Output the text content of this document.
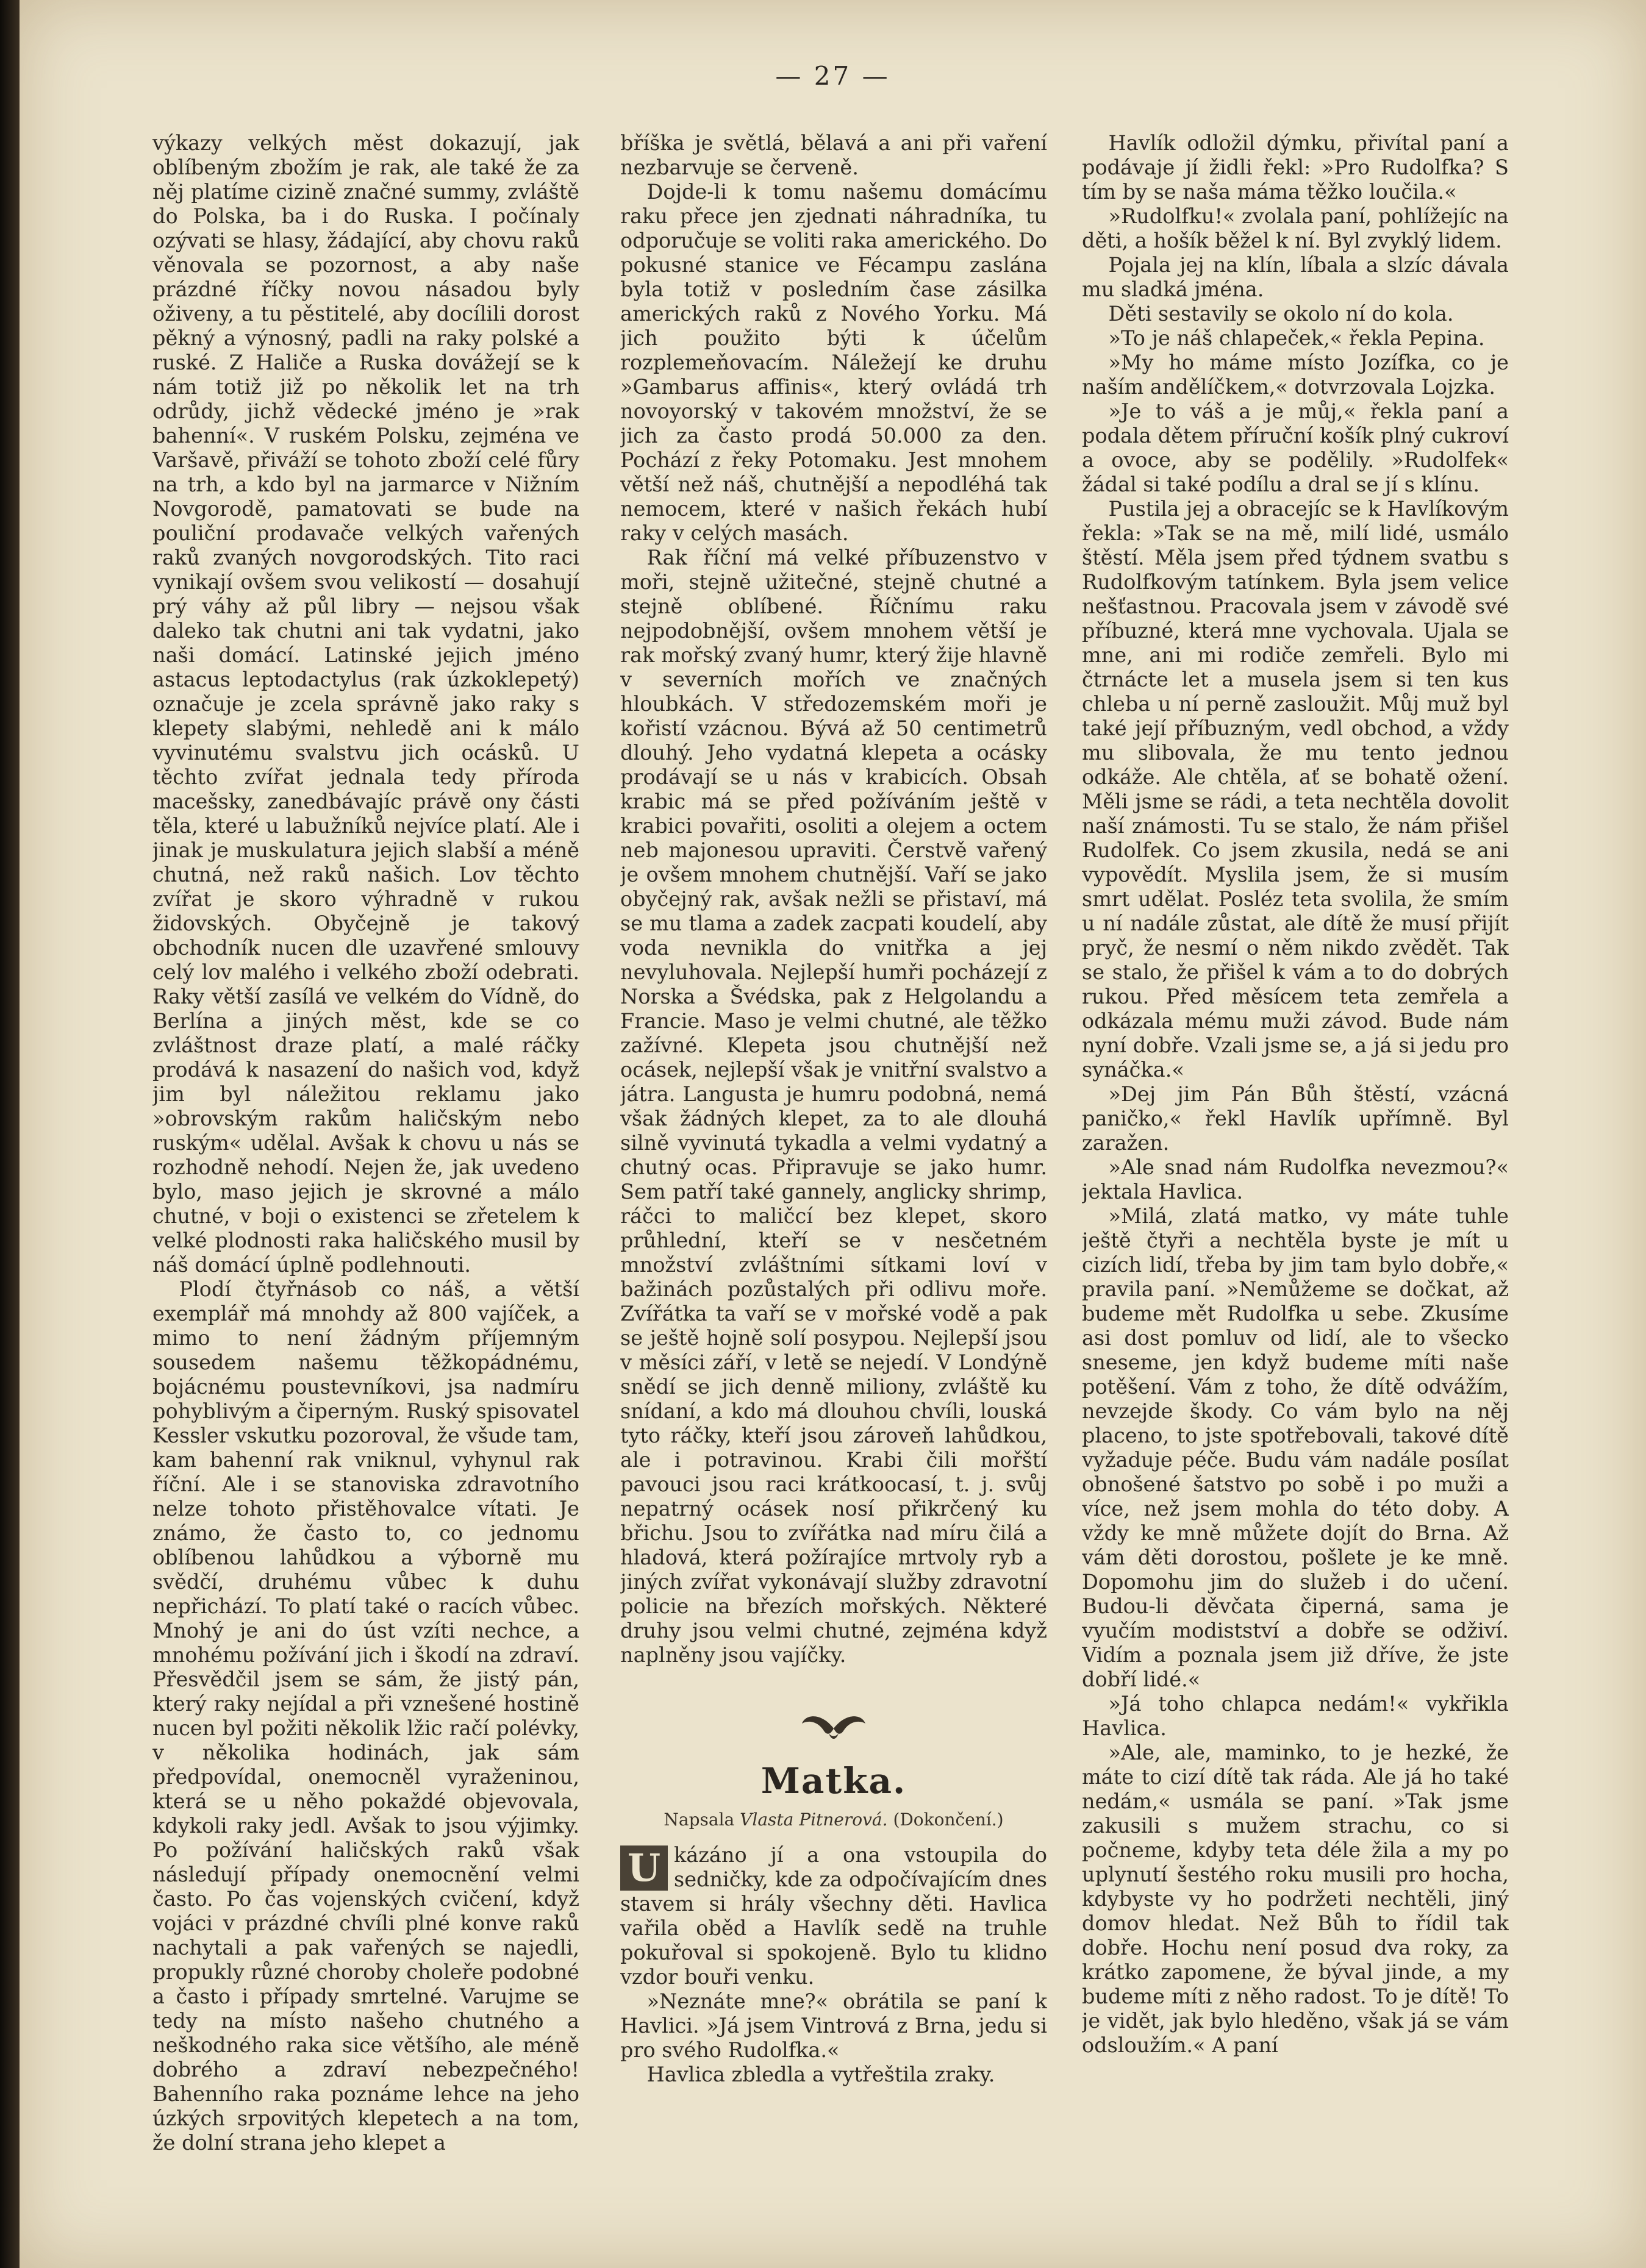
— 27 —

výkazy velkých měst dokazují, jak oblíbeným zbožím je rak, ale také že za něj platíme cizině značné summy, zvláště do Polska, ba i do Ruska. I počínaly ozývati se hlasy, žádající, aby chovu raků věnovala se pozornost, a aby naše prázdné říčky novou násadou byly oživeny, a tu pěstitelé, aby docílili dorost pěkný a výnosný, padli na raky polské a ruské. Z Haliče a Ruska dovážejí se k nám totiž již po několik let na trh odrůdy, jichž vědecké jméno je »rak bahenní«. V ruském Polsku, zejména ve Varšavě, přiváží se tohoto zboží celé fůry na trh, a kdo byl na jarmarce v Nižním Novgorodě, pamatovati se bude na pouliční prodavače velkých vařených raků zvaných novgorodských. Tito raci vynikají ovšem svou velikostí — dosahují prý váhy až půl libry — nejsou však daleko tak chutni ani tak vydatni, jako naši domácí. Latinské jejich jméno astacus leptodactylus (rak úzkoklepetý) označuje je zcela správně jako raky s klepety slabými, nehledě ani k málo vyvinutému svalstvu jich ocásků. U těchto zvířat jednala tedy příroda macešsky, zanedbávajíc právě ony části těla, které u labužníků nejvíce platí. Ale i jinak je muskulatura jejich slabší a méně chutná, než raků našich. Lov těchto zvířat je skoro výhradně v rukou židovských. Obyčejně je takový obchodník nucen dle uzavřené smlouvy celý lov malého i velkého zboží odebrati. Raky větší zasílá ve velkém do Vídně, do Berlína a jiných měst, kde se co zvláštnost draze platí, a malé ráčky prodává k nasazení do našich vod, když jim byl náležitou reklamu jako »obrovským rakům haličským nebo ruským« udělal. Avšak k chovu u nás se rozhodně nehodí. Nejen že, jak uvedeno bylo, maso jejich je skrovné a málo chutné, v boji o existenci se zřetelem k velké plodnosti raka haličského musil by náš domácí úplně podlehnouti.

Plodí čtyřnásob co náš, a větší exemplář má mnohdy až 800 vajíček, a mimo to není žádným příjemným sousedem našemu těžkopádnému, bojácnému poustevníkovi, jsa nadmíru pohyblivým a čiperným. Ruský spisovatel Kessler vskutku pozoroval, že všude tam, kam bahenní rak vniknul, vyhynul rak říční. Ale i se stanoviska zdravotního nelze tohoto přistěhovalce vítati. Je známo, že často to, co jednomu oblíbenou lahůdkou a výborně mu svědčí, druhému vůbec k duhu nepřichází. To platí také o racích vůbec. Mnohý je ani do úst vzíti nechce, a mnohému požívání jich i škodí na zdraví. Přesvědčil jsem se sám, že jistý pán, který raky nejídal a při vznešené hostině nucen byl požiti několik lžic račí polévky, v několika hodinách, jak sám předpovídal, onemocněl vyraženinou, která se u něho pokaždé objevovala, kdykoli raky jedl. Avšak to jsou výjimky. Po požívání haličských raků však následují případy onemocnění velmi často. Po čas vojenských cvičení, když vojáci v prázdné chvíli plné konve raků nachytali a pak vařených se najedli, propukly různé choroby choleře podobné a často i případy smrtelné. Varujme se tedy na místo našeho chutného a neškodného raka sice většího, ale méně dobrého a zdraví nebezpečného! Bahenního raka poznáme lehce na jeho úzkých srpovitých klepetech a na tom, že dolní strana jeho klepet a

bříška je světlá, bělavá a ani při vaření nezbarvuje se červeně.

Dojde-li k tomu našemu domácímu raku přece jen zjednati náhradníka, tu odporučuje se voliti raka amerického. Do pokusné stanice ve Fécampu zaslána byla totiž v posledním čase zásilka amerických raků z Nového Yorku. Má jich použito býti k účelům rozplemeňovacím. Náležejí ke druhu »Gambarus affinis«, který ovládá trh novoyorský v takovém množství, že se jich za často prodá 50.000 za den. Pochází z řeky Potomaku. Jest mnohem větší než náš, chutnější a nepodléhá tak nemocem, které v našich řekách hubí raky v celých masách.

Rak říční má velké příbuzenstvo v moři, stejně užitečné, stejně chutné a stejně oblíbené. Říčnímu raku nejpodobnější, ovšem mnohem větší je rak mořský zvaný humr, který žije hlavně v severních mořích ve značných hloubkách. V středozemském moři je kořistí vzácnou. Bývá až 50 centimetrů dlouhý. Jeho vydatná klepeta a ocásky prodávají se u nás v krabicích. Obsah krabic má se před požíváním ještě v krabici povařiti, osoliti a olejem a octem neb majonesou upraviti. Čerstvě vařený je ovšem mnohem chutnější. Vaří se jako obyčejný rak, avšak nežli se přistaví, má se mu tlama a zadek zacpati koudelí, aby voda nevnikla do vnitřka a jej nevyluhovala. Nejlepší humři pocházejí z Norska a Švédska, pak z Helgolandu a Francie. Maso je velmi chutné, ale těžko zažívné. Klepeta jsou chutnější než ocásek, nejlepší však je vnitřní svalstvo a játra. Langusta je humru podobná, nemá však žádných klepet, za to ale dlouhá silně vyvinutá tykadla a velmi vydatný a chutný ocas. Připravuje se jako humr. Sem patří také gannely, anglicky shrimp, ráčci to maličcí bez klepet, skoro průhlední, kteří se v nesčetném množství zvláštními sítkami loví v bažinách pozůstalých při odlivu moře. Zvířátka ta vaří se v mořské vodě a pak se ještě hojně solí posypou. Nejlepší jsou v měsíci září, v letě se nejedí. V Londýně snědí se jich denně miliony, zvláště ku snídaní, a kdo má dlouhou chvíli, louská tyto ráčky, kteří jsou zároveň lahůdkou, ale i potravinou. Krabi čili mořští pavouci jsou raci krátkoocasí, t. j. svůj nepatrný ocásek nosí přikrčený ku břichu. Jsou to zvířátka nad míru čilá a hladová, která požírajíce mrtvoly ryb a jiných zvířat vykonávají služby zdravotní policie na březích mořských. Některé druhy jsou velmi chutné, zejména když naplněny jsou vajíčky.

Matka.
Napsala Vlasta Pitnerová. (Dokončení.)

U kázáno jí a ona vstoupila do sedničky, kde za odpočívajícím dnes stavem si hrály všechny děti. Havlica vařila oběd a Havlík sedě na truhle pokuřoval si spokojeně. Bylo tu klidno vzdor bouři venku.

»Neznáte mne?« obrátila se paní k Havlici. »Já jsem Vintrová z Brna, jedu si pro svého Rudolfka.«

Havlica zbledla a vytřeštila zraky.

Havlík odložil dýmku, přivítal paní a podávaje jí židli řekl: »Pro Rudolfka? S tím by se naša máma těžko loučila.«

»Rudolfku!« zvolala paní, pohlížejíc na děti, a hošík běžel k ní. Byl zvyklý lidem.

Pojala jej na klín, líbala a slzíc dávala mu sladká jména.

Děti sestavily se okolo ní do kola.

»To je náš chlapeček,« řekla Pepina.

»My ho máme místo Jozífka, co je naším andělíčkem,« dotvrzovala Lojzka.

»Je to váš a je můj,« řekla paní a podala dětem příruční košík plný cukroví a ovoce, aby se podělily. »Rudolfek« žádal si také podílu a dral se jí s klínu.

Pustila jej a obracejíc se k Havlíkovým řekla: »Tak se na mě, milí lidé, usmálo štěstí. Měla jsem před týdnem svatbu s Rudolfkovým tatínkem. Byla jsem velice nešťastnou. Pracovala jsem v závodě své příbuzné, která mne vychovala. Ujala se mne, ani mi rodiče zemřeli. Bylo mi čtrnácte let a musela jsem si ten kus chleba u ní perně zasloužit. Můj muž byl také její příbuzným, vedl obchod, a vždy mu slibovala, že mu tento jednou odkáže. Ale chtěla, ať se bohatě ožení. Měli jsme se rádi, a teta nechtěla dovolit naší známosti. Tu se stalo, že nám přišel Rudolfek. Co jsem zkusila, nedá se ani vypovědít. Myslila jsem, že si musím smrt udělat. Posléz teta svolila, že smím u ní nadále zůstat, ale dítě že musí přijít pryč, že nesmí o něm nikdo zvědět. Tak se stalo, že přišel k vám a to do dobrých rukou. Před měsícem teta zemřela a odkázala mému muži závod. Bude nám nyní dobře. Vzali jsme se, a já si jedu pro synáčka.«

»Dej jim Pán Bůh štěstí, vzácná paničko,« řekl Havlík upřímně. Byl zaražen.

»Ale snad nám Rudolfka nevezmou?« jektala Havlica.

»Milá, zlatá matko, vy máte tuhle ještě čtyři a nechtěla byste je mít u cizích lidí, třeba by jim tam bylo dobře,« pravila paní. »Nemůžeme se dočkat, až budeme mět Rudolfka u sebe. Zkusíme asi dost pomluv od lidí, ale to všecko sneseme, jen když budeme míti naše potěšení. Vám z toho, že dítě odvážím, nevzejde škody. Co vám bylo na něj placeno, to jste spotřebovali, takové dítě vyžaduje péče. Budu vám nadále posílat obnošené šatstvo po sobě i po muži a více, než jsem mohla do této doby. A vždy ke mně můžete dojít do Brna. Až vám děti dorostou, pošlete je ke mně. Dopomohu jim do služeb i do učení. Budou-li děvčata čiperná, sama je vyučím modistství a dobře se odživí. Vidím a poznala jsem již dříve, že jste dobří lidé.«

»Já toho chlapca nedám!« vykřikla Havlica.

»Ale, ale, maminko, to je hezké, že máte to cizí dítě tak ráda. Ale já ho také nedám,« usmála se paní. »Tak jsme zakusili s mužem strachu, co si počneme, kdyby teta déle žila a my po uplynutí šestého roku musili pro hocha, kdybyste vy ho podržeti nechtěli, jiný domov hledat. Než Bůh to řídil tak dobře. Hochu není posud dva roky, za krátko zapomene, že býval jinde, a my budeme míti z něho radost. To je dítě! To je vidět, jak bylo hleděno, však já se vám odsloužím.« A paní
